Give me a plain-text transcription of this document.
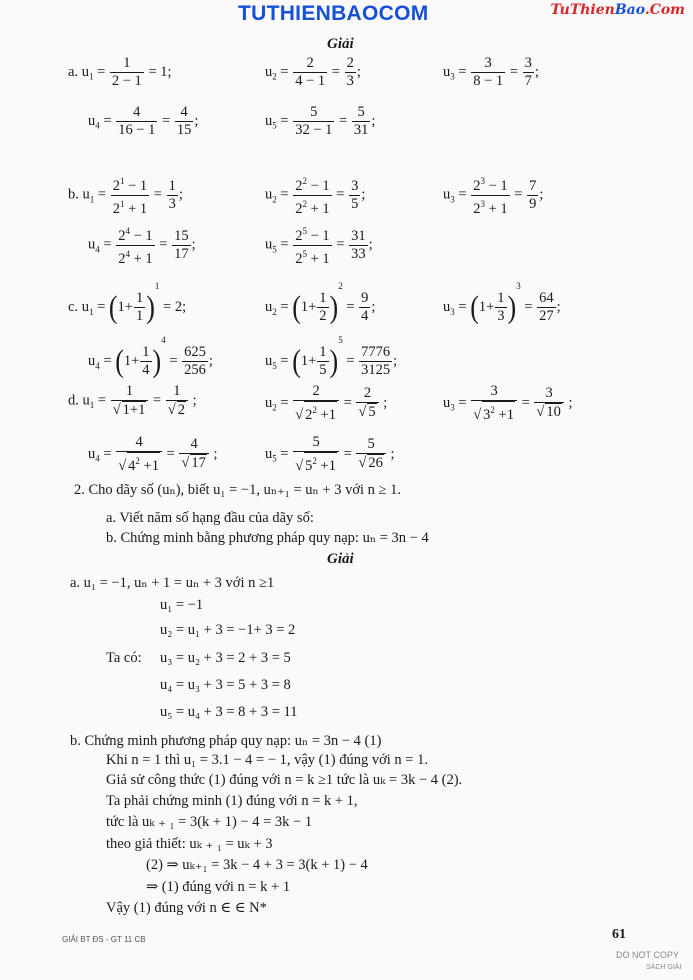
TUTHIENBAOCOM	TuThienBao.Com
Giải
a. $u_1 = \frac{1}{2 - 1} = 1$;	$u_2 = \frac{2}{4 - 1} = \frac{2}{3}$ ;	$u_3 = \frac{3}{8 - 1} = \frac{3}{7}$ ;
$u_4 = \frac{4}{16 - 1} = \frac{4}{15}$ ;	$u_5 = \frac{5}{32 - 1} = \frac{5}{31}$ ;
b. $u_1 = \frac{2^1 - 1}{2^1 + 1} = \frac{1}{3}$ ;	$u_2 = \frac{2^2 - 1}{2^2 + 1} = \frac{3}{5}$ ;	$u_3 = \frac{2^3 - 1}{2^3 + 1} = \frac{7}{9}$ ;
$u_4 = \frac{2^4 - 1}{2^4 + 1} = \frac{15}{17}$ ;	$u_5 = \frac{2^5 - 1}{2^5 + 1} = \frac{31}{33}$ ;
c. $u_1 = (1+ \frac{1}{1} )^1 = 2$;	$u_2 = (1+ \frac{1}{2} )^2 = \frac{9}{4}$ ;	$u_3 = (1+ \frac{1}{3} )^3 = \frac{64}{27}$ ;
$u_4 = (1+ \frac{1}{4} )^4 = \frac{625}{256}$ ;	$u_5 = (1+ \frac{1}{5} )^5 = \frac{7776}{3125}$ ;
d. $u_1 = \frac{1}{√ 1+1} = \frac{1}{√ 2}$ ;	$u_2 = \frac{2}{√ 2^2 +1} = \frac{2}{√ 5}$ ;	$u_3 = \frac{3}{√ 3^2 +1} = \frac{3}{√ 10}$ ;
$u_4 = \frac{4}{√ 4^2 +1} = \frac{4}{√ 17}$ ;	$u_5 = \frac{5}{√ 5^2 +1} = \frac{5}{√ 26}$ ;
2. Cho dãy số (uₙ), biết u₁ = −1, uₙ₊₁ = uₙ + 3 với n ≥ 1.
a. Viết năm số hạng đầu của dãy số:
b. Chứng minh bằng phương pháp quy nạp: uₙ = 3n − 4
Giải
a. u₁ = −1, uₙ + 1 = uₙ + 3 với n ≥1
u₁ = −1
u₂ = u₁ + 3 = −1+ 3 = 2
Ta có: u₃ = u₂ + 3 = 2 + 3 = 5
u₄ = u₃ + 3 = 5 + 3 = 8
u₅ = u₄ + 3 = 8 + 3 = 11
b. Chứng minh phương pháp quy nạp: uₙ = 3n − 4 (1)
Khi n = 1 thì u₁ = 3.1 − 4 = − 1, vậy (1) đúng với n = 1.
Giả sử công thức (1) đúng với n = k ≥1 tức là uₖ = 3k − 4 (2).
Ta phải chứng minh (1) đúng với n = k + 1,
tức là uₖ ₊ ₁ = 3(k + 1) − 4 = 3k − 1
theo giả thiết: uₖ ₊ ₁ = uₖ + 3
(2) ⇒ uₖ₊₁ = 3k − 4 + 3 = 3(k + 1) − 4
⇒ (1) đúng với n = k + 1
Vậy (1) đúng với n ∈ ∈ N*
GIẢI BT ĐS - GT 11 CB	61
DO NOT COPY
SÁCH GIẢI
